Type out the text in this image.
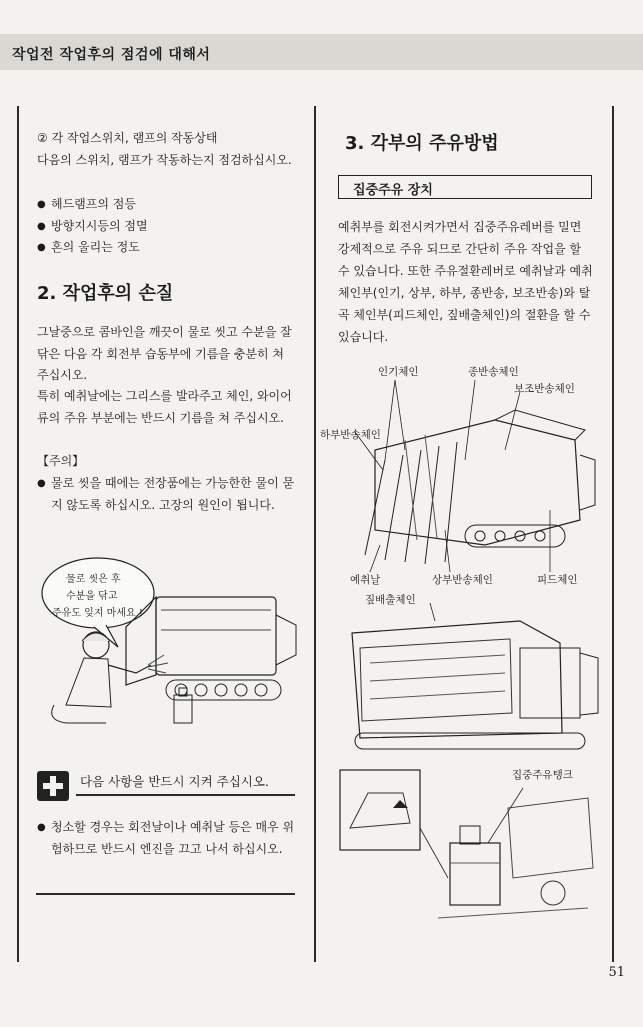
작업전 작업후의 점검에 대해서

② 각 작업스위치, 램프의 작동상태

다음의 스위치, 램프가 작동하는지 점검하십시오.

● 헤드램프의 점등
● 방향지시등의 점멸
● 혼의 울리는 정도
2. 작업후의 손질

그날중으로 콤바인을 깨끗이 물로 씻고 수분을 잘 닦은 다음 각 회전부 습동부에 기름을 충분히 쳐 주십시오.

특히 예취날에는 그리스를 발라주고 체인, 와이어류의 주유 부분에는 반드시 기름을 쳐 주십시오.

【주의】

● 물로 씻을 때에는 전장품에는 가능한한 물이 묻지 않도록 하십시오. 고장의 원인이 됩니다.
물로 씻은 후
수분을 닦고
주유도 잊지 마세요 !
다음 사항을 반드시 지켜 주십시오.
● 청소할 경우는 회전날이나 예취날 등은 매우 위험하므로 반드시 엔진을 끄고 나서 하십시오.
3. 각부의 주유방법
집중주유 장치

예취부를 회전시켜가면서 집중주유레버를 밀면 강제적으로 주유 되므로 간단히 주유 작업을 할 수 있습니다. 또한 주유절환레버로 예취날과 예취체인부(인기, 상부, 하부, 종반송, 보조반송)와 탈곡 체인부(피드체인, 짚배출체인)의 절환을 할 수 있습니다.

인기체인	종반송체인
보조반송체인
하부반송체인
예취날	상부반송체인	피드체인
짚배출체인
집중주유탱크
51
